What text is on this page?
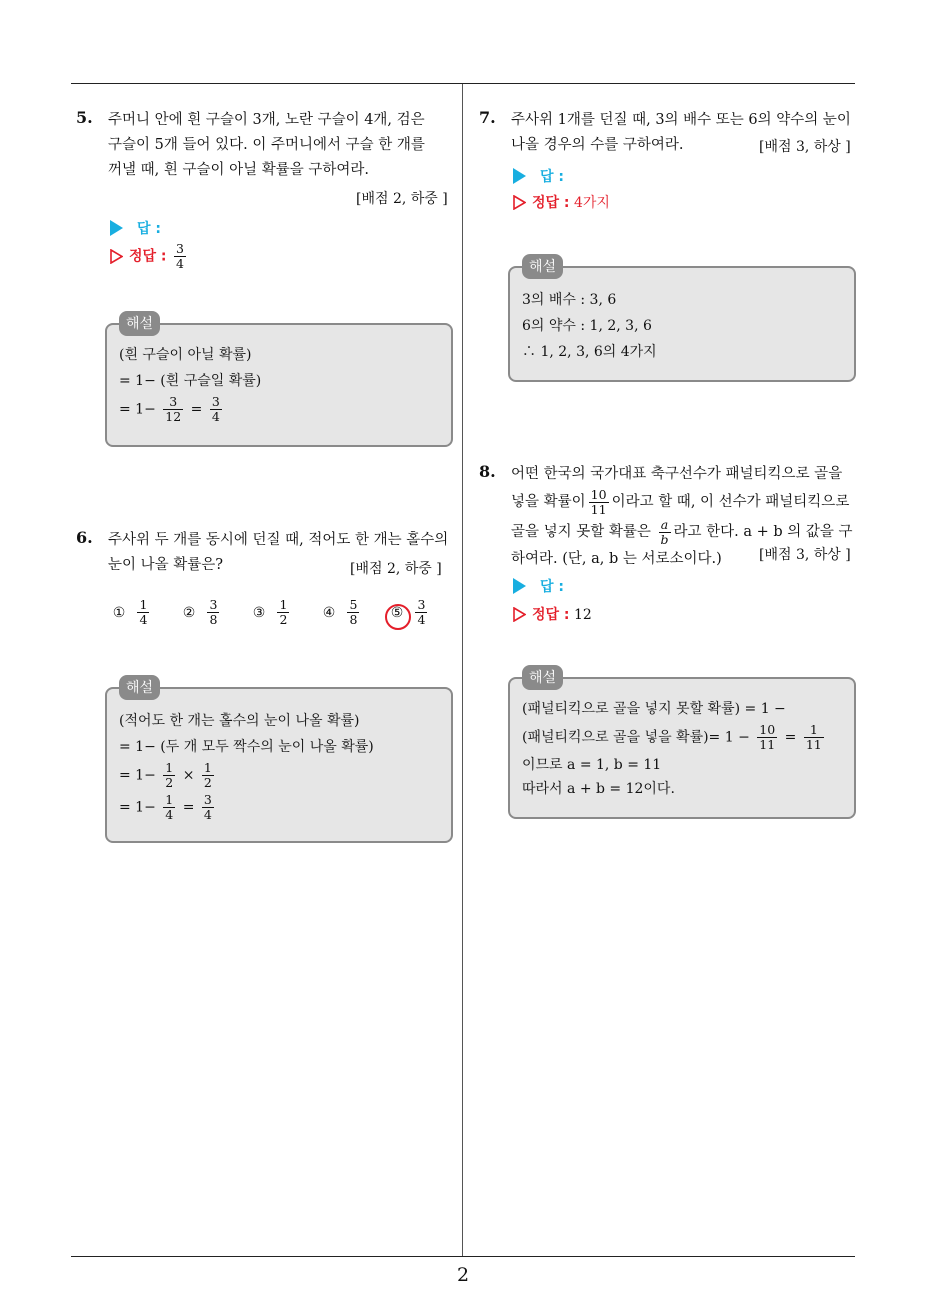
2
5. 주머니 안에 흰 구슬이 3개, 노란 구슬이 4개, 검은
구슬이 5개 들어 있다. 이 주머니에서 구슬 한 개를
꺼낼 때, 흰 구슬이 아닐 확률을 구하여라.
[배점 2, 하중 ]
답 :
정답 : $\frac{3}{4}$
해설
(흰 구슬이 아닐 확률)
= 1− (흰 구슬일 확률)
= $1- \frac{3}{12} = \frac{3}{4}$
6. 주사위 두 개를 동시에 던질 때, 적어도 한 개는 홀수의
눈이 나올 확률은?	[배점 2, 하중 ]
① $\frac{1}{4}$	② $\frac{3}{8}$	③ $\frac{1}{2}$	④ $\frac{5}{8}$	⑤ $\frac{3}{4}$
해설
(적어도 한 개는 홀수의 눈이 나올 확률)
= 1− (두 개 모두 짝수의 눈이 나올 확률)
= $1- \frac{1}{2} \times \frac{1}{2}$
= $1- \frac{1}{4} = \frac{3}{4}$
7. 주사위 1개를 던질 때, 3의 배수 또는 6의 약수의 눈이
나올 경우의 수를 구하여라.	[배점 3, 하상 ]
답 :
정답 : 4가지
해설
3의 배수 : 3, 6
6의 약수 : 1, 2, 3, 6
∴ 1, 2, 3, 6의 4가지
8. 어떤 한국의 국가대표 축구선수가 패널티킥으로 골을
넣을 확률이 $\frac{10}{11}$ 이라고 할 때, 이 선수가 패널티킥으로
골을 넣지 못할 확률은 $\frac{a}{b}$ 라고 한다. a + b 의 값을 구
하여라. (단, a, b 는 서로소이다.)	[배점 3, 하상 ]
답 :
정답 : 12
해설
(패널티킥으로 골을 넣지 못할 확률) = 1 −
(패널티킥으로 골을 넣을 확률)= $1 - \frac{10}{11} = \frac{1}{11}$
이므로 a = 1, b = 11
따라서 a + b = 12이다.
